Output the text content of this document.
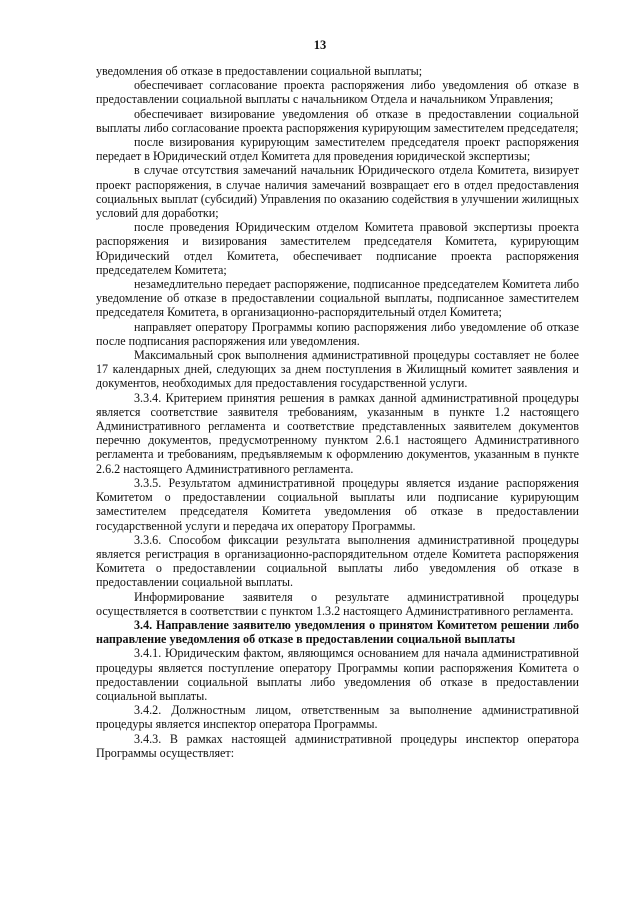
13

уведомления об отказе в предоставлении социальной выплаты;

обеспечивает согласование проекта распоряжения либо уведомления об отказе в предоставлении социальной выплаты с начальником Отдела и начальником Управления;

обеспечивает визирование уведомления об отказе в предоставлении социальной выплаты либо согласование проекта распоряжения курирующим заместителем председателя;

после визирования курирующим заместителем председателя проект распоряжения передает в Юридический отдел Комитета для проведения юридической экспертизы;

в случае отсутствия замечаний начальник Юридического отдела Комитета, визирует проект распоряжения, в случае наличия замечаний возвращает его в отдел предоставления социальных выплат (субсидий) Управления по оказанию содействия в улучшении жилищных условий для доработки;

после проведения Юридическим отделом Комитета правовой экспертизы проекта распоряжения и визирования заместителем председателя Комитета, курирующим Юридический отдел Комитета, обеспечивает подписание проекта распоряжения председателем Комитета;

незамедлительно передает распоряжение, подписанное председателем Комитета либо уведомление об отказе в предоставлении социальной выплаты, подписанное заместителем председателя Комитета, в организационно-распорядительный отдел Комитета;

направляет оператору Программы копию распоряжения либо уведомление об отказе после подписания распоряжения или уведомления.

Максимальный срок выполнения административной процедуры составляет не более 17 календарных дней, следующих за днем поступления в Жилищный комитет заявления и документов, необходимых для предоставления государственной услуги.

3.3.4. Критерием принятия решения в рамках данной административной процедуры является соответствие заявителя требованиям, указанным в пункте 1.2 настоящего Административного регламента и соответствие представленных заявителем документов перечню документов, предусмотренному пунктом 2.6.1 настоящего Административного регламента и требованиям, предъявляемым к оформлению документов, указанным в пункте 2.6.2 настоящего Административного регламента.

3.3.5. Результатом административной процедуры является издание распоряжения Комитетом о предоставлении социальной выплаты или подписание курирующим заместителем председателя Комитета уведомления об отказе в предоставлении государственной услуги и передача их оператору Программы.

3.3.6. Способом фиксации результата выполнения административной процедуры является регистрация в организационно-распорядительном отделе Комитета распоряжения Комитета о предоставлении социальной выплаты либо уведомления об отказе в предоставлении социальной выплаты.

Информирование заявителя о результате административной процедуры осуществляется в соответствии с пунктом 1.3.2 настоящего Административного регламента.

3.4. Направление заявителю уведомления о принятом Комитетом решении либо направление уведомления об отказе в предоставлении социальной выплаты

3.4.1. Юридическим фактом, являющимся основанием для начала административной процедуры является поступление оператору Программы копии распоряжения Комитета о предоставлении социальной выплаты либо уведомления об отказе в предоставлении социальной выплаты.

3.4.2. Должностным лицом, ответственным за выполнение административной процедуры является инспектор оператора Программы.

3.4.3. В рамках настоящей административной процедуры инспектор оператора Программы осуществляет:
